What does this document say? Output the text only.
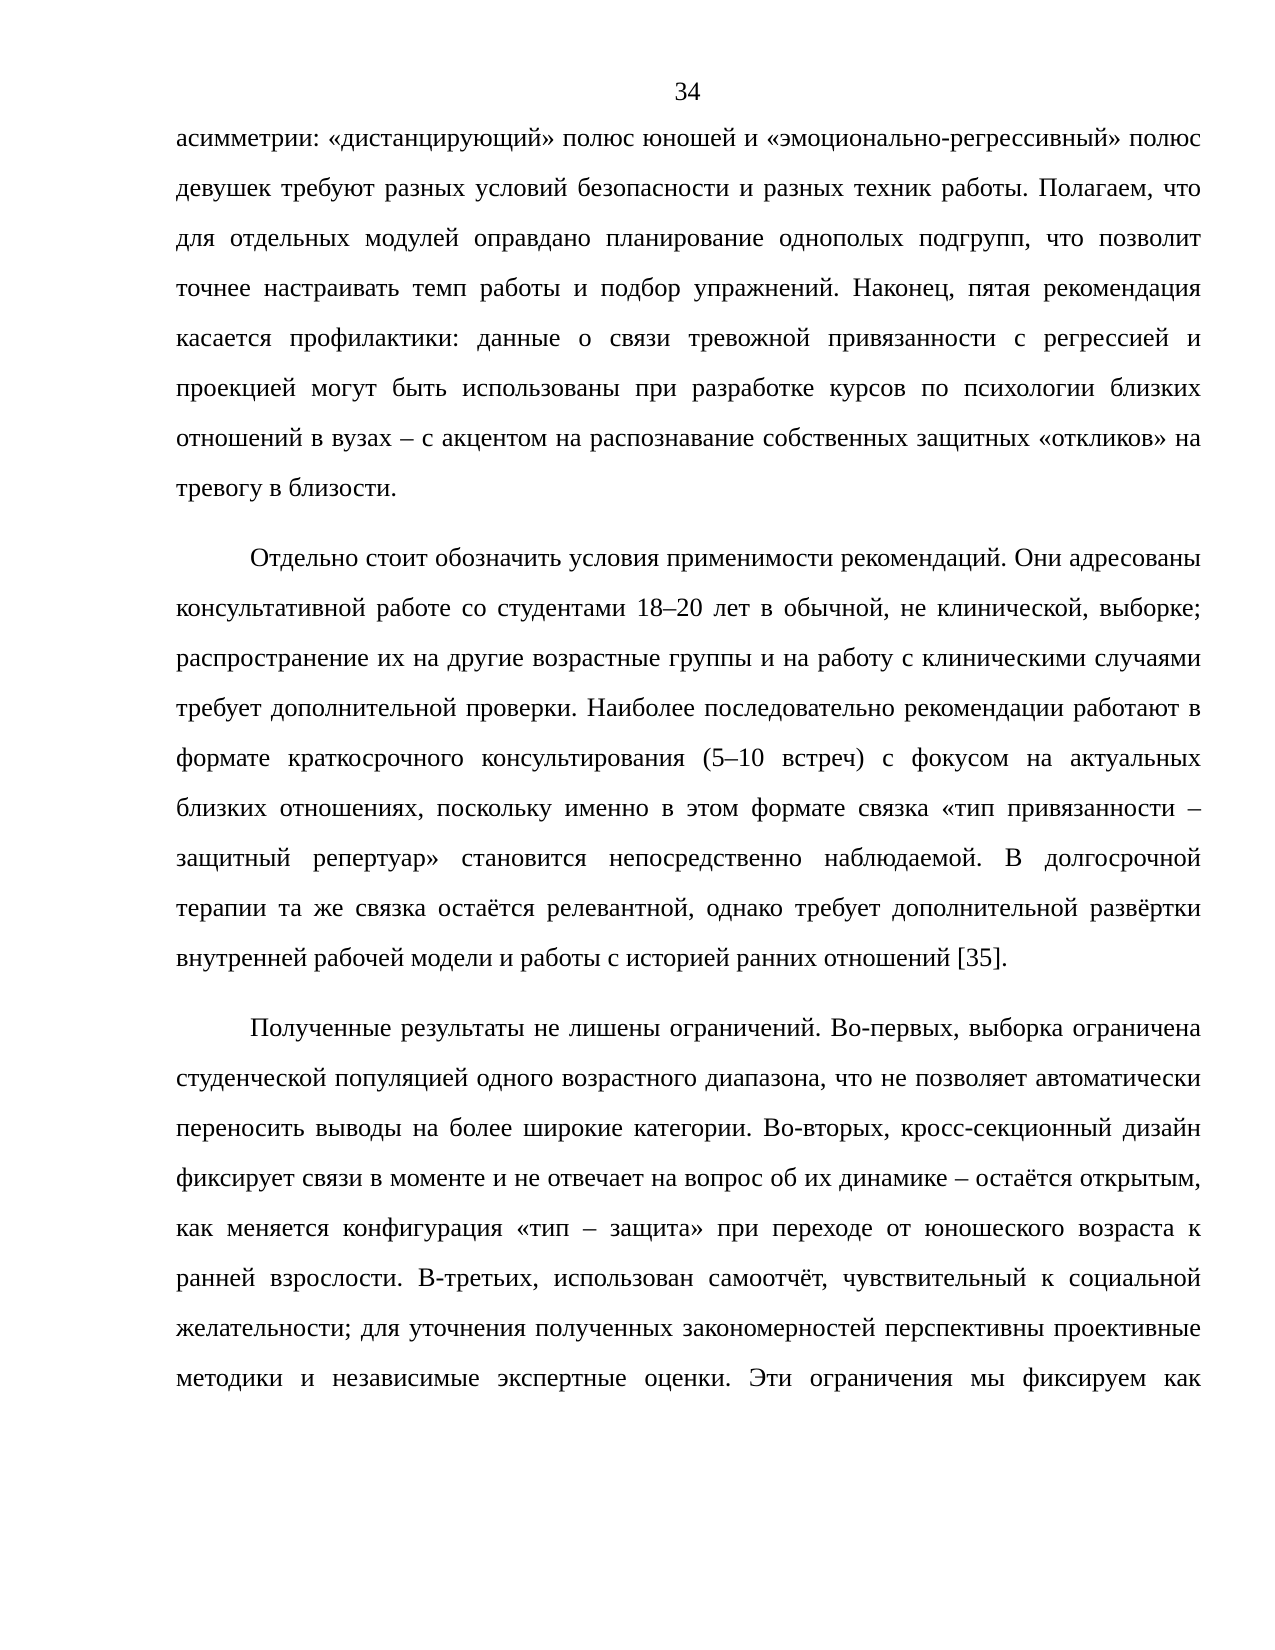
34

асимметрии: «дистанцирующий» полюс юношей и «эмоционально-регрессивный» полюс девушек требуют разных условий безопасности и разных техник работы. Полагаем, что для отдельных модулей оправдано планирование однополых подгрупп, что позволит точнее настраивать темп работы и подбор упражнений. Наконец, пятая рекомендация касается профилактики: данные о связи тревожной привязанности с регрессией и проекцией могут быть использованы при разработке курсов по психологии близких отношений в вузах – с акцентом на распознавание собственных защитных «откликов» на тревогу в близости.

Отдельно стоит обозначить условия применимости рекомендаций. Они адресованы консультативной работе со студентами 18–20 лет в обычной, не клинической, выборке; распространение их на другие возрастные группы и на работу с клиническими случаями требует дополнительной проверки. Наиболее последовательно рекомендации работают в формате краткосрочного консультирования (5–10 встреч) с фокусом на актуальных близких отношениях, поскольку именно в этом формате связка «тип привязанности – защитный репертуар» становится непосредственно наблюдаемой. В долгосрочной терапии та же связка остаётся релевантной, однако требует дополнительной развёртки внутренней рабочей модели и работы с историей ранних отношений [35].

Полученные результаты не лишены ограничений. Во-первых, выборка ограничена студенческой популяцией одного возрастного диапазона, что не позволяет автоматически переносить выводы на более широкие категории. Во-вторых, кросс-секционный дизайн фиксирует связи в моменте и не отвечает на вопрос об их динамике – остаётся открытым, как меняется конфигурация «тип – защита» при переходе от юношеского возраста к ранней взрослости. В-третьих, использован самоотчёт, чувствительный к социальной желательности; для уточнения полученных закономерностей перспективны проективные методики и независимые экспертные оценки. Эти ограничения мы фиксируем как
